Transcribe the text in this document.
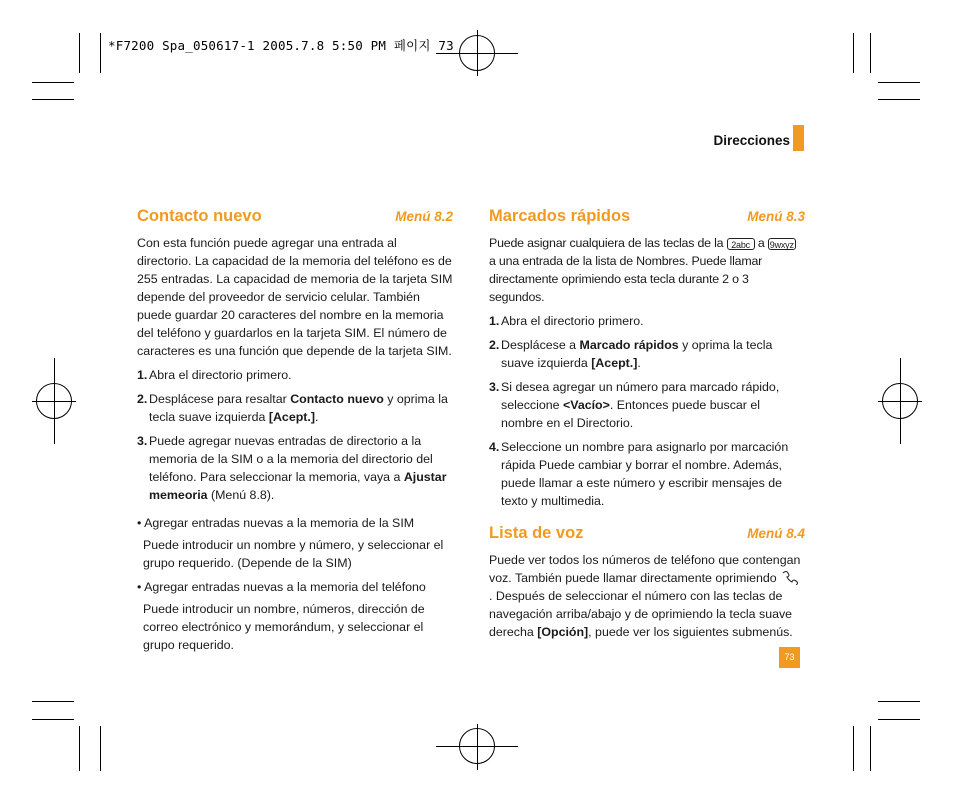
*F7200 Spa_050617-1 2005.7.8 5:50 PM 페이지 73
Direcciones
Contacto nuevo	Menú 8.2

Con esta función puede agregar una entrada al directorio. La capacidad de la memoria del teléfono es de 255 entradas. La capacidad de memoria de la tarjeta SIM depende del proveedor de servicio celular. También puede guardar 20 caracteres del nombre en la memoria del teléfono y guardarlos en la tarjeta SIM. El número de caracteres es una función que depende de la tarjeta SIM.

1. Abra el directorio primero.
2. Desplácese para resaltar Contacto nuevo y oprima la tecla suave izquierda [Acept.].
3. Puede agregar nuevas entradas de directorio a la memoria de la SIM o a la memoria del directorio del teléfono. Para seleccionar la memoria, vaya a Ajustar memeoria (Menú 8.8).
• Agregar entradas nuevas a la memoria de la SIM
Puede introducir un nombre y número, y seleccionar el grupo requerido. (Depende de la SIM)
• Agregar entradas nuevas a la memoria del teléfono
Puede introducir un nombre, números, dirección de correo electrónico y memorándum, y seleccionar el grupo requerido.
Marcados rápidos	Menú 8.3

Puede asignar cualquiera de las teclas de la 2abc a 9wxyz a una entrada de la lista de Nombres. Puede llamar directamente oprimiendo esta tecla durante 2 o 3 segundos.

1. Abra el directorio primero.
2. Desplácese a Marcado rápidos y oprima la tecla suave izquierda [Acept.].
3. Si desea agregar un número para marcado rápido, seleccione <Vacío>. Entonces puede buscar el nombre en el Directorio.
4. Seleccione un nombre para asignarlo por marcación rápida Puede cambiar y borrar el nombre. Además, puede llamar a este número y escribir mensajes de texto y multimedia.
Lista de voz	Menú 8.4

Puede ver todos los números de teléfono que contengan voz. También puede llamar directamente oprimiendo . Después de seleccionar el número con las teclas de navegación arriba/abajo y de oprimiendo la tecla suave derecha [Opción], puede ver los siguientes submenús.

73
